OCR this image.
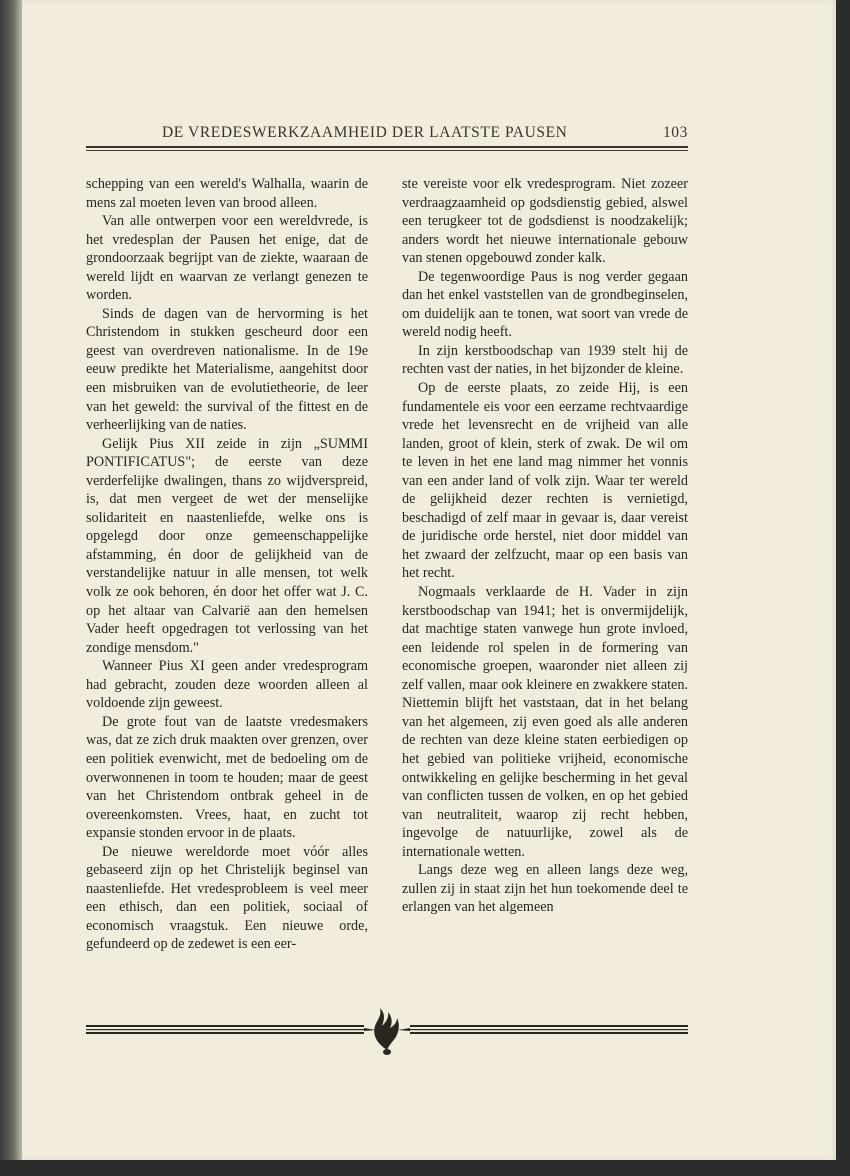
DE VREDESWERKZAAMHEID DER LAATSTE PAUSEN	103

schepping van een wereld's Walhalla, waarin de mens zal moeten leven van brood alleen.

Van alle ontwerpen voor een wereldvrede, is het vredesplan der Pausen het enige, dat de grondoorzaak begrijpt van de ziekte, waaraan de wereld lijdt en waarvan ze verlangt genezen te worden.

Sinds de dagen van de hervorming is het Christendom in stukken gescheurd door een geest van overdreven nationalisme. In de 19e eeuw predikte het Materialisme, aangehitst door een misbruiken van de evolutietheorie, de leer van het geweld: the survival of the fittest en de verheerlijking van de naties.

Gelijk Pius XII zeide in zijn „SUMMI PONTIFICATUS"; de eerste van deze verderfelijke dwalingen, thans zo wijdverspreid, is, dat men vergeet de wet der menselijke solidariteit en naastenliefde, welke ons is opgelegd door onze gemeenschappelijke afstamming, én door de gelijkheid van de verstandelijke natuur in alle mensen, tot welk volk ze ook behoren, én door het offer wat J. C. op het altaar van Calvarië aan den hemelsen Vader heeft opgedragen tot verlossing van het zondige mensdom."

Wanneer Pius XI geen ander vredesprogram had gebracht, zouden deze woorden alleen al voldoende zijn geweest.

De grote fout van de laatste vredesmakers was, dat ze zich druk maakten over grenzen, over een politiek evenwicht, met de bedoeling om de overwonnenen in toom te houden; maar de geest van het Christendom ontbrak geheel in de overeenkomsten. Vrees, haat, en zucht tot expansie stonden ervoor in de plaats.

De nieuwe wereldorde moet vóór alles gebaseerd zijn op het Christelijk beginsel van naastenliefde. Het vredesprobleem is veel meer een ethisch, dan een politiek, sociaal of economisch vraagstuk. Een nieuwe orde, gefundeerd op de zedewet is een eer-

ste vereiste voor elk vredesprogram. Niet zozeer verdraagzaamheid op godsdienstig gebied, alswel een terugkeer tot de godsdienst is noodzakelijk; anders wordt het nieuwe internationale gebouw van stenen opgebouwd zonder kalk.

De tegenwoordige Paus is nog verder gegaan dan het enkel vaststellen van de grondbeginselen, om duidelijk aan te tonen, wat soort van vrede de wereld nodig heeft.

In zijn kerstboodschap van 1939 stelt hij de rechten vast der naties, in het bijzonder de kleine.

Op de eerste plaats, zo zeide Hij, is een fundamentele eis voor een eerzame rechtvaardige vrede het levensrecht en de vrijheid van alle landen, groot of klein, sterk of zwak. De wil om te leven in het ene land mag nimmer het vonnis van een ander land of volk zijn. Waar ter wereld de gelijkheid dezer rechten is vernietigd, beschadigd of zelf maar in gevaar is, daar vereist de juridische orde herstel, niet door middel van het zwaard der zelfzucht, maar op een basis van het recht.

Nogmaals verklaarde de H. Vader in zijn kerstboodschap van 1941; het is onvermijdelijk, dat machtige staten vanwege hun grote invloed, een leidende rol spelen in de formering van economische groepen, waaronder niet alleen zij zelf vallen, maar ook kleinere en zwakkere staten. Niettemin blijft het vaststaan, dat in het belang van het algemeen, zij even goed als alle anderen de rechten van deze kleine staten eerbiedigen op het gebied van politieke vrijheid, economische ontwikkeling en gelijke bescherming in het geval van conflicten tussen de volken, en op het gebied van neutraliteit, waarop zij recht hebben, ingevolge de natuurlijke, zowel als de internationale wetten.

Langs deze weg en alleen langs deze weg, zullen zij in staat zijn het hun toekomende deel te erlangen van het algemeen
